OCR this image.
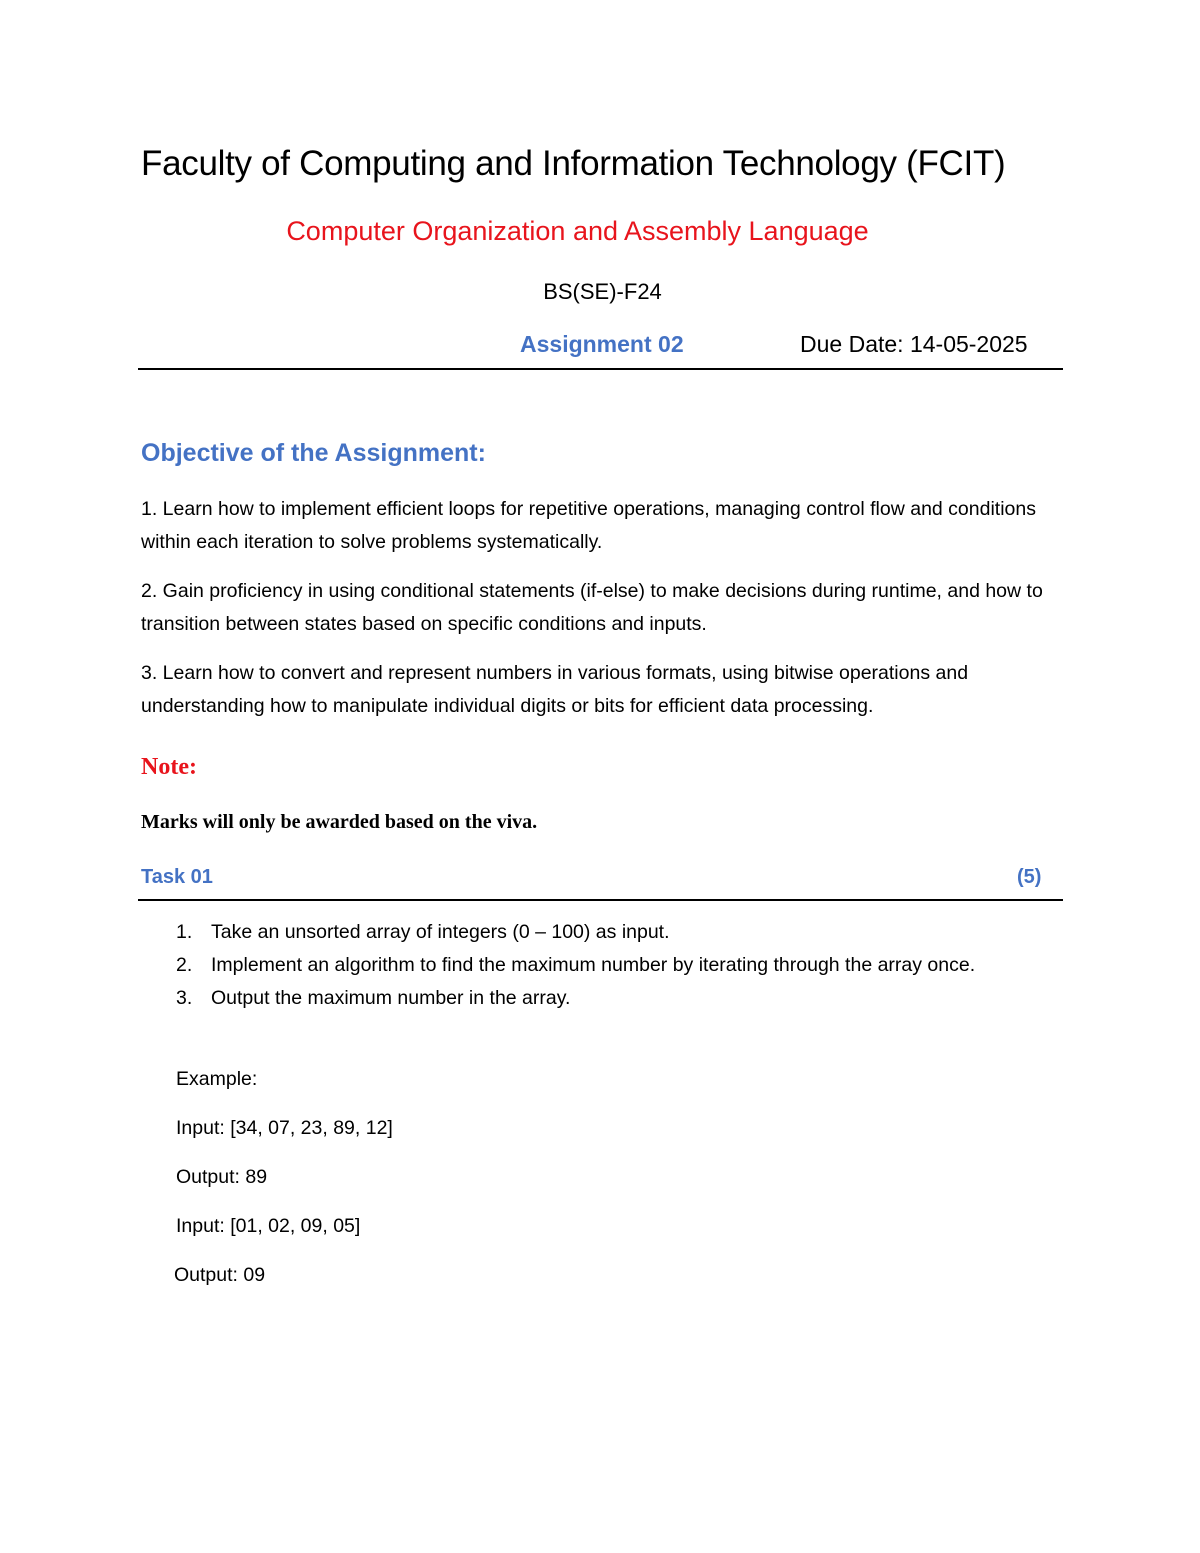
Faculty of Computing and Information Technology (FCIT)
Computer Organization and Assembly Language
BS(SE)-F24
Assignment 02	Due Date: 14-05-2025
Objective of the Assignment:

1. Learn how to implement efficient loops for repetitive operations, managing control flow and conditions within each iteration to solve problems systematically.

2. Gain proficiency in using conditional statements (if-else) to make decisions during runtime, and how to transition between states based on specific conditions and inputs.

3. Learn how to convert and represent numbers in various formats, using bitwise operations and understanding how to manipulate individual digits or bits for efficient data processing.

Note:
Marks will only be awarded based on the viva.
Task 01	(5)
1. Take an unsorted array of integers (0 – 100) as input.
2. Implement an algorithm to find the maximum number by iterating through the array once.
3. Output the maximum number in the array.
Example:
Input: [34, 07, 23, 89, 12]
Output: 89
Input: [01, 02, 09, 05]
Output: 09
